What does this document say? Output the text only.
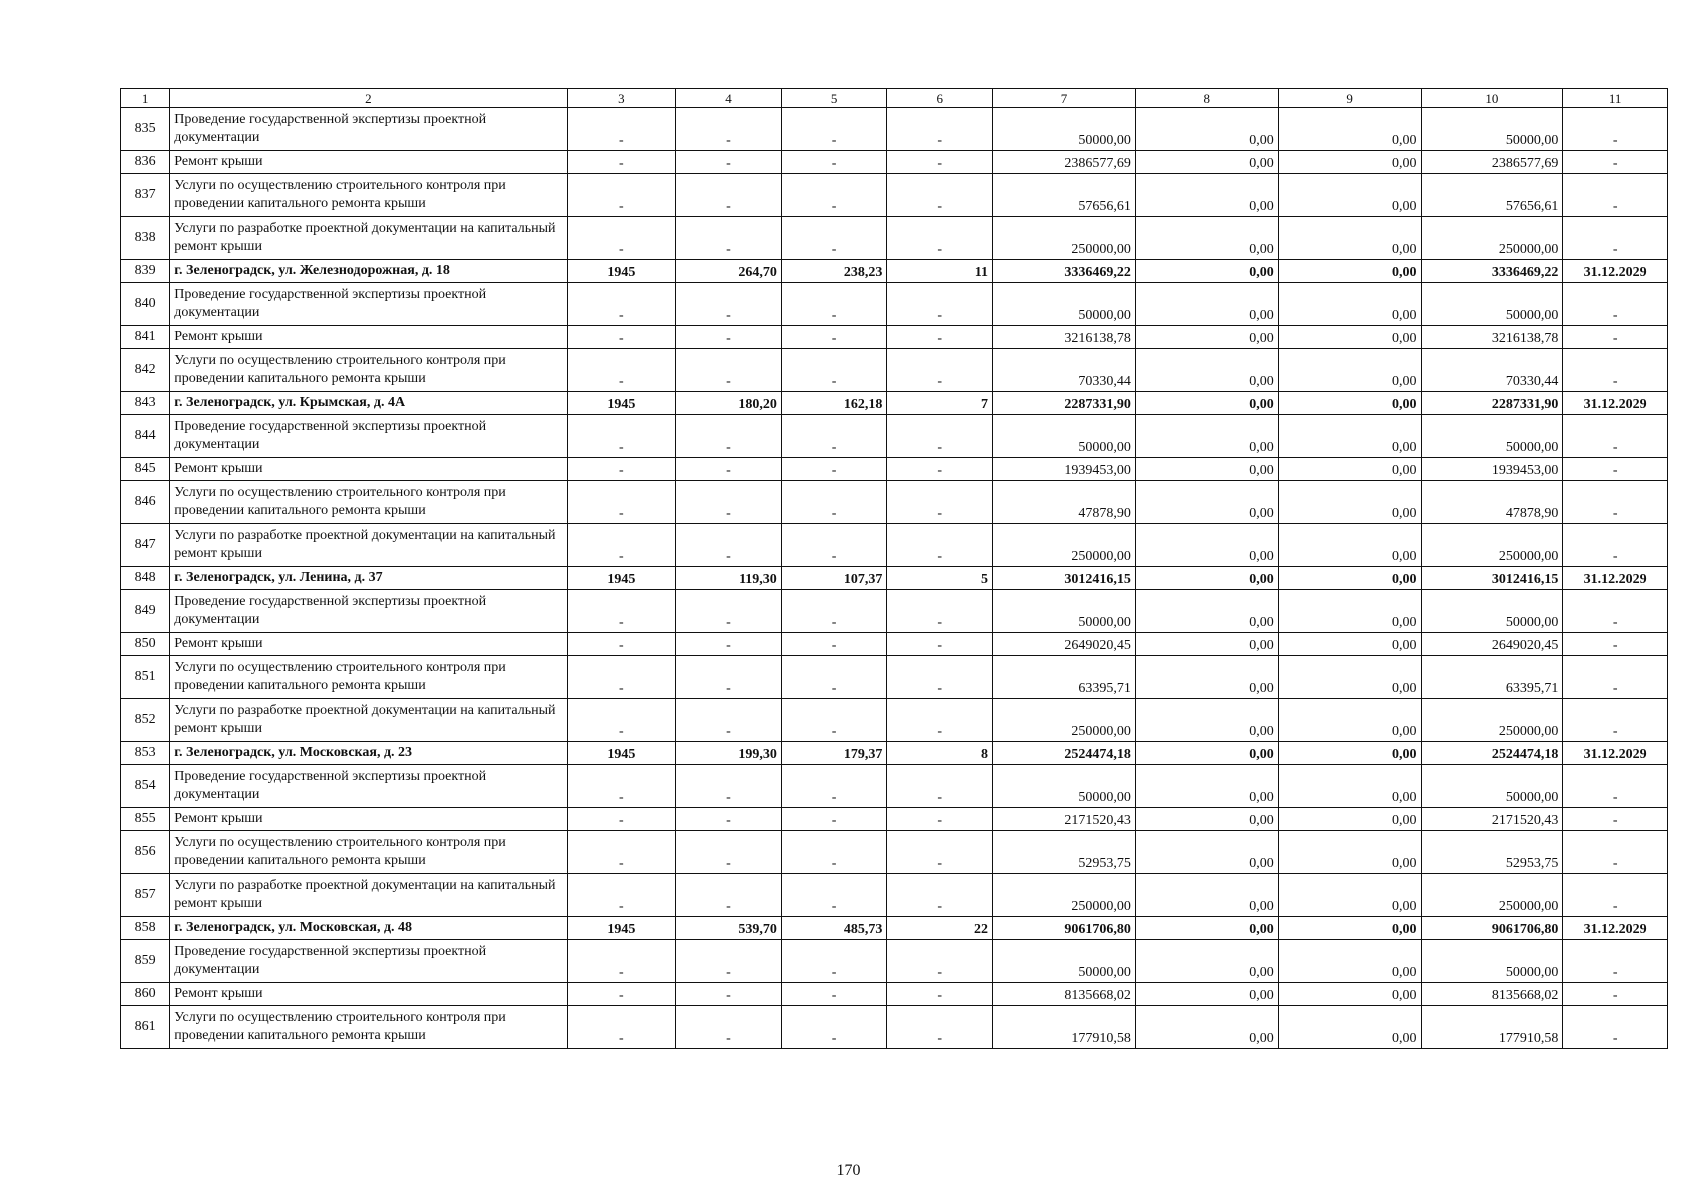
1	2	3	4	5	6	7	8	9	10	11
835	Проведение государственной экспертизы проектной документации	-	-	-	-	50000,00	0,00	0,00	50000,00	-
836	Ремонт крыши	-	-	-	-	2386577,69	0,00	0,00	2386577,69	-
837	Услуги по осуществлению строительного контроля при проведении капитального ремонта крыши	-	-	-	-	57656,61	0,00	0,00	57656,61	-
838	Услуги по разработке проектной документации на капитальный ремонт крыши	-	-	-	-	250000,00	0,00	0,00	250000,00	-
839	г. Зеленоградск, ул. Железнодорожная, д. 18	1945	264,70	238,23	11	3336469,22	0,00	0,00	3336469,22	31.12.2029
840	Проведение государственной экспертизы проектной документации	-	-	-	-	50000,00	0,00	0,00	50000,00	-
841	Ремонт крыши	-	-	-	-	3216138,78	0,00	0,00	3216138,78	-
842	Услуги по осуществлению строительного контроля при проведении капитального ремонта крыши	-	-	-	-	70330,44	0,00	0,00	70330,44	-
843	г. Зеленоградск, ул. Крымская, д. 4А	1945	180,20	162,18	7	2287331,90	0,00	0,00	2287331,90	31.12.2029
844	Проведение государственной экспертизы проектной документации	-	-	-	-	50000,00	0,00	0,00	50000,00	-
845	Ремонт крыши	-	-	-	-	1939453,00	0,00	0,00	1939453,00	-
846	Услуги по осуществлению строительного контроля при проведении капитального ремонта крыши	-	-	-	-	47878,90	0,00	0,00	47878,90	-
847	Услуги по разработке проектной документации на капитальный ремонт крыши	-	-	-	-	250000,00	0,00	0,00	250000,00	-
848	г. Зеленоградск, ул. Ленина, д. 37	1945	119,30	107,37	5	3012416,15	0,00	0,00	3012416,15	31.12.2029
849	Проведение государственной экспертизы проектной документации	-	-	-	-	50000,00	0,00	0,00	50000,00	-
850	Ремонт крыши	-	-	-	-	2649020,45	0,00	0,00	2649020,45	-
851	Услуги по осуществлению строительного контроля при проведении капитального ремонта крыши	-	-	-	-	63395,71	0,00	0,00	63395,71	-
852	Услуги по разработке проектной документации на капитальный ремонт крыши	-	-	-	-	250000,00	0,00	0,00	250000,00	-
853	г. Зеленоградск, ул. Московская, д. 23	1945	199,30	179,37	8	2524474,18	0,00	0,00	2524474,18	31.12.2029
854	Проведение государственной экспертизы проектной документации	-	-	-	-	50000,00	0,00	0,00	50000,00	-
855	Ремонт крыши	-	-	-	-	2171520,43	0,00	0,00	2171520,43	-
856	Услуги по осуществлению строительного контроля при проведении капитального ремонта крыши	-	-	-	-	52953,75	0,00	0,00	52953,75	-
857	Услуги по разработке проектной документации на капитальный ремонт крыши	-	-	-	-	250000,00	0,00	0,00	250000,00	-
858	г. Зеленоградск, ул. Московская, д. 48	1945	539,70	485,73	22	9061706,80	0,00	0,00	9061706,80	31.12.2029
859	Проведение государственной экспертизы проектной документации	-	-	-	-	50000,00	0,00	0,00	50000,00	-
860	Ремонт крыши	-	-	-	-	8135668,02	0,00	0,00	8135668,02	-
861	Услуги по осуществлению строительного контроля при проведении капитального ремонта крыши	-	-	-	-	177910,58	0,00	0,00	177910,58	-
170
